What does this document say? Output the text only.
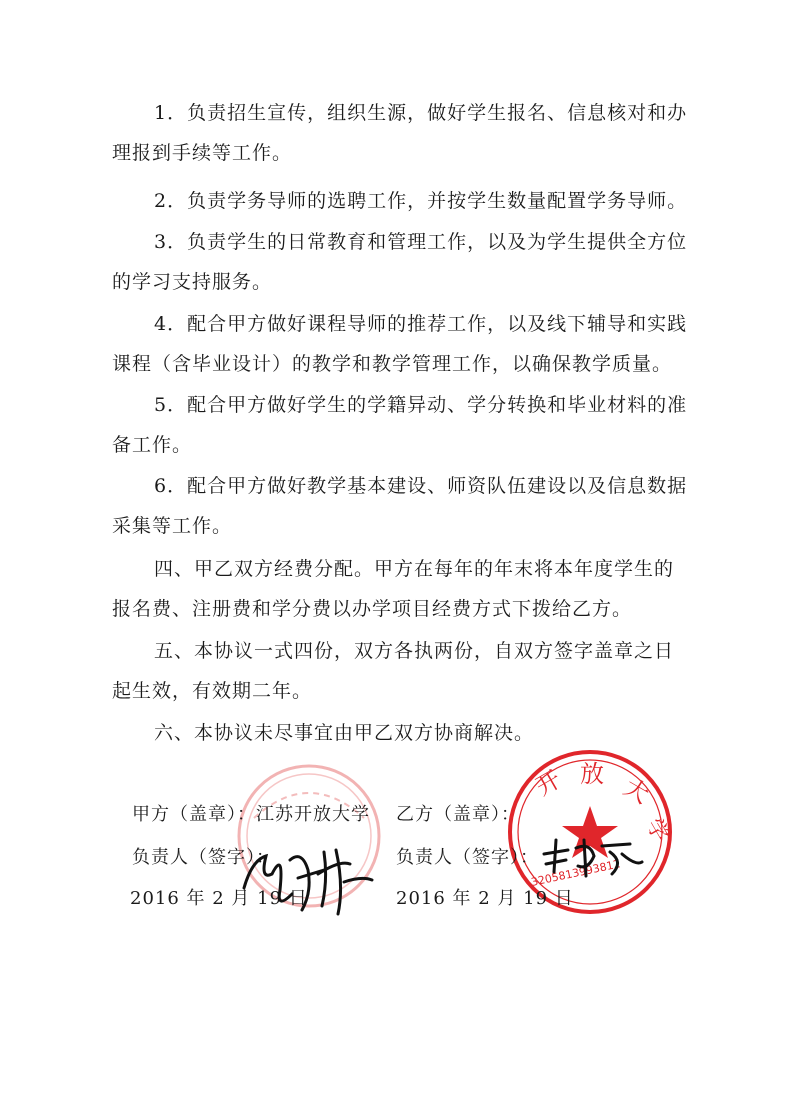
开 放 大
学
3205813993812

1．负责招生宣传，组织生源，做好学生报名、信息核对和办理报到手续等工作。

2．负责学务导师的选聘工作，并按学生数量配置学务导师。

3．负责学生的日常教育和管理工作，以及为学生提供全方位的学习支持服务。

4．配合甲方做好课程导师的推荐工作，以及线下辅导和实践课程（含毕业设计）的教学和教学管理工作，以确保教学质量。

5．配合甲方做好学生的学籍异动、学分转换和毕业材料的准备工作。

6．配合甲方做好教学基本建设、师资队伍建设以及信息数据采集等工作。

四、甲乙双方经费分配。甲方在每年的年末将本年度学生的报名费、注册费和学分费以办学项目经费方式下拨给乙方。

五、本协议一式四份，双方各执两份，自双方签字盖章之日起生效，有效期二年。

六、本协议未尽事宜由甲乙双方协商解决。

甲方（盖章）：江苏开放大学 乙方（盖章）：
负责人（签字）：	负责人（签字）：
2016 年 2 月 19 日	2016 年 2 月 19 日
